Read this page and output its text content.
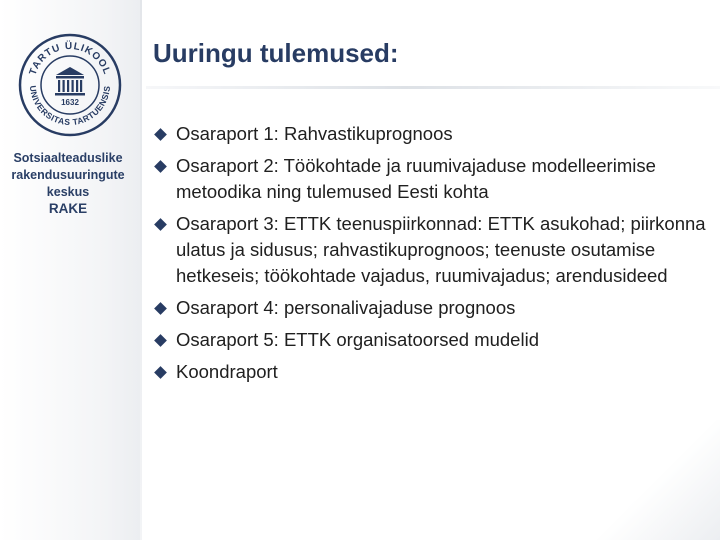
TARTU ÜLIKOOL
UNIVERSITAS TARTUENSIS
1632
Sotsiaalteaduslike
rakendusuuringute
keskus
RAKE
Uuringu tulemused:
Osaraport 1: Rahvastikuprognoos
Osaraport 2: Töökohtade ja ruumivajaduse modelleerimise metoodika ning tulemused Eesti kohta
Osaraport 3: ETTK teenuspiirkonnad: ETTK asukohad; piirkonna ulatus ja sidusus; rahvastikuprognoos; teenuste osutamise hetkeseis; töökohtade vajadus, ruumivajadus; arendusideed
Osaraport 4: personalivajaduse prognoos
Osaraport 5: ETTK organisatoorsed mudelid
Koondraport
